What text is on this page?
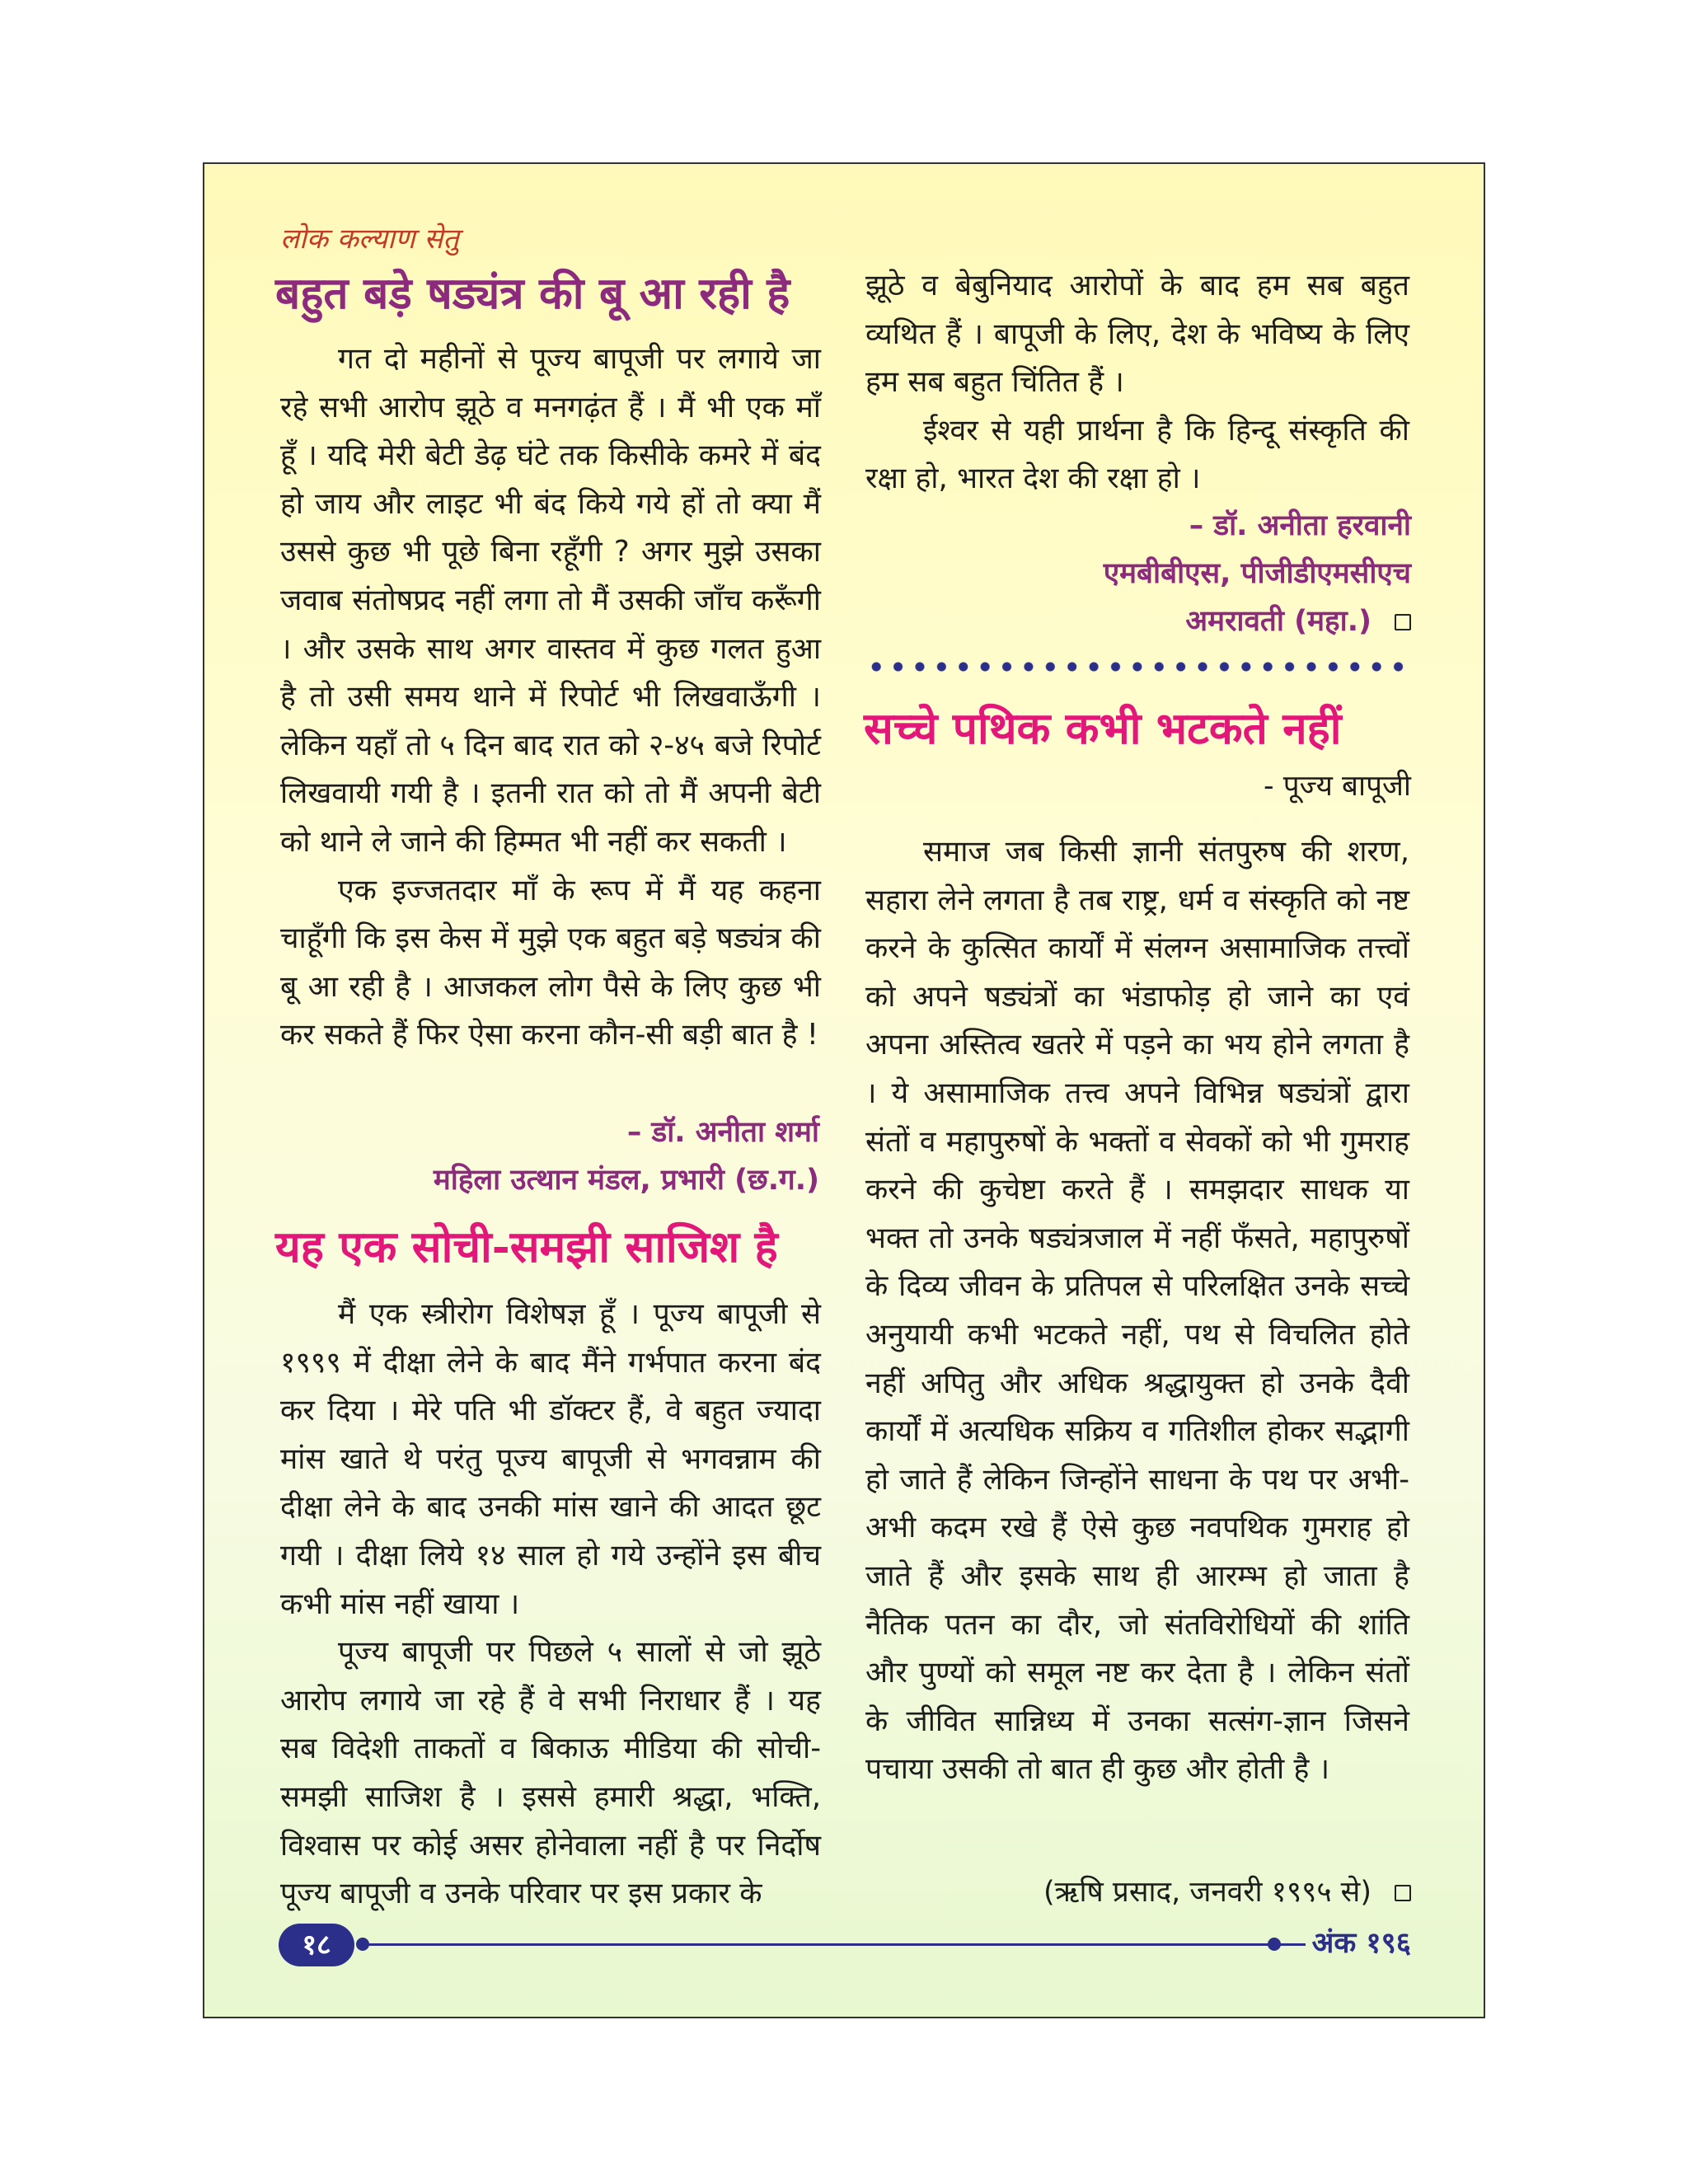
लोक कल्याण सेतु
बहुत बड़े षड्यंत्र की बू आ रही है

गत दो महीनों से पूज्य बापूजी पर लगाये जा रहे सभी आरोप झूठे व मनगढ़ंत हैं । मैं भी एक माँ हूँ । यदि मेरी बेटी डेढ़ घंटे तक किसीके कमरे में बंद हो जाय और लाइट भी बंद किये गये हों तो क्या मैं उससे कुछ भी पूछे बिना रहूँगी ? अगर मुझे उसका जवाब संतोषप्रद नहीं लगा तो मैं उसकी जाँच करूँगी । और उसके साथ अगर वास्तव में कुछ गलत हुआ है तो उसी समय थाने में रिपोर्ट भी लिखवाऊँगी । लेकिन यहाँ तो ५ दिन बाद रात को २-४५ बजे रिपोर्ट लिखवायी गयी है । इतनी रात को तो मैं अपनी बेटी को थाने ले जाने की हिम्मत भी नहीं कर सकती ।

एक इज्जतदार माँ के रूप में मैं यह कहना चाहूँगी कि इस केस में मुझे एक बहुत बड़े षड्यंत्र की बू आ रही है । आजकल लोग पैसे के लिए कुछ भी कर सकते हैं फिर ऐसा करना कौन-सी बड़ी बात है !

– डॉ. अनीता शर्मा
महिला उत्थान मंडल, प्रभारी (छ.ग.)
यह एक सोची-समझी साजिश है

मैं एक स्त्रीरोग विशेषज्ञ हूँ । पूज्य बापूजी से १९९९ में दीक्षा लेने के बाद मैंने गर्भपात करना बंद कर दिया । मेरे पति भी डॉक्टर हैं, वे बहुत ज्यादा मांस खाते थे परंतु पूज्य बापूजी से भगवन्नाम की दीक्षा लेने के बाद उनकी मांस खाने की आदत छूट गयी । दीक्षा लिये १४ साल हो गये उन्होंने इस बीच कभी मांस नहीं खाया ।

पूज्य बापूजी पर पिछले ५ सालों से जो झूठे आरोप लगाये जा रहे हैं वे सभी निराधार हैं । यह सब विदेशी ताकतों व बिकाऊ मीडिया की सोची-समझी साजिश है । इससे हमारी श्रद्धा, भक्ति, विश्वास पर कोई असर होनेवाला नहीं है पर निर्दोष पूज्य बापूजी व उनके परिवार पर इस प्रकार के

झूठे व बेबुनियाद आरोपों के बाद हम सब बहुत व्यथित हैं । बापूजी के लिए, देश के भविष्य के लिए हम सब बहुत चिंतित हैं ।

ईश्वर से यही प्रार्थना है कि हिन्दू संस्कृति की रक्षा हो, भारत देश की रक्षा हो ।

– डॉ. अनीता हरवानी
एमबीबीएस, पीजीडीएमसीएच
अमरावती (महा.)
सच्चे पथिक कभी भटकते नहीं
- पूज्य बापूजी

समाज जब किसी ज्ञानी संतपुरुष की शरण, सहारा लेने लगता है तब राष्ट्र, धर्म व संस्कृति को नष्ट करने के कुत्सित कार्यों में संलग्न असामाजिक तत्त्वों को अपने षड्यंत्रों का भंडाफोड़ हो जाने का एवं अपना अस्तित्व खतरे में पड़ने का भय होने लगता है । ये असामाजिक तत्त्व अपने विभिन्न षड्यंत्रों द्वारा संतों व महापुरुषों के भक्तों व सेवकों को भी गुमराह करने की कुचेष्टा करते हैं । समझदार साधक या भक्त तो उनके षड्यंत्रजाल में नहीं फँसते, महापुरुषों के दिव्य जीवन के प्रतिपल से परिलक्षित उनके सच्चे अनुयायी कभी भटकते नहीं, पथ से विचलित होते नहीं अपितु और अधिक श्रद्धायुक्त हो उनके दैवी कार्यों में अत्यधिक सक्रिय व गतिशील होकर सद्भागी हो जाते हैं लेकिन जिन्होंने साधना के पथ पर अभी-अभी कदम रखे हैं ऐसे कुछ नवपथिक गुमराह हो जाते हैं और इसके साथ ही आरम्भ हो जाता है नैतिक पतन का दौर, जो संतविरोधियों की शांति और पुण्यों को समूल नष्ट कर देता है । लेकिन संतों के जीवित सान्निध्य में उनका सत्संग-ज्ञान जिसने पचाया उसकी तो बात ही कुछ और होती है ।

(ऋषि प्रसाद, जनवरी १९९५ से)
१८	अंक १९६
